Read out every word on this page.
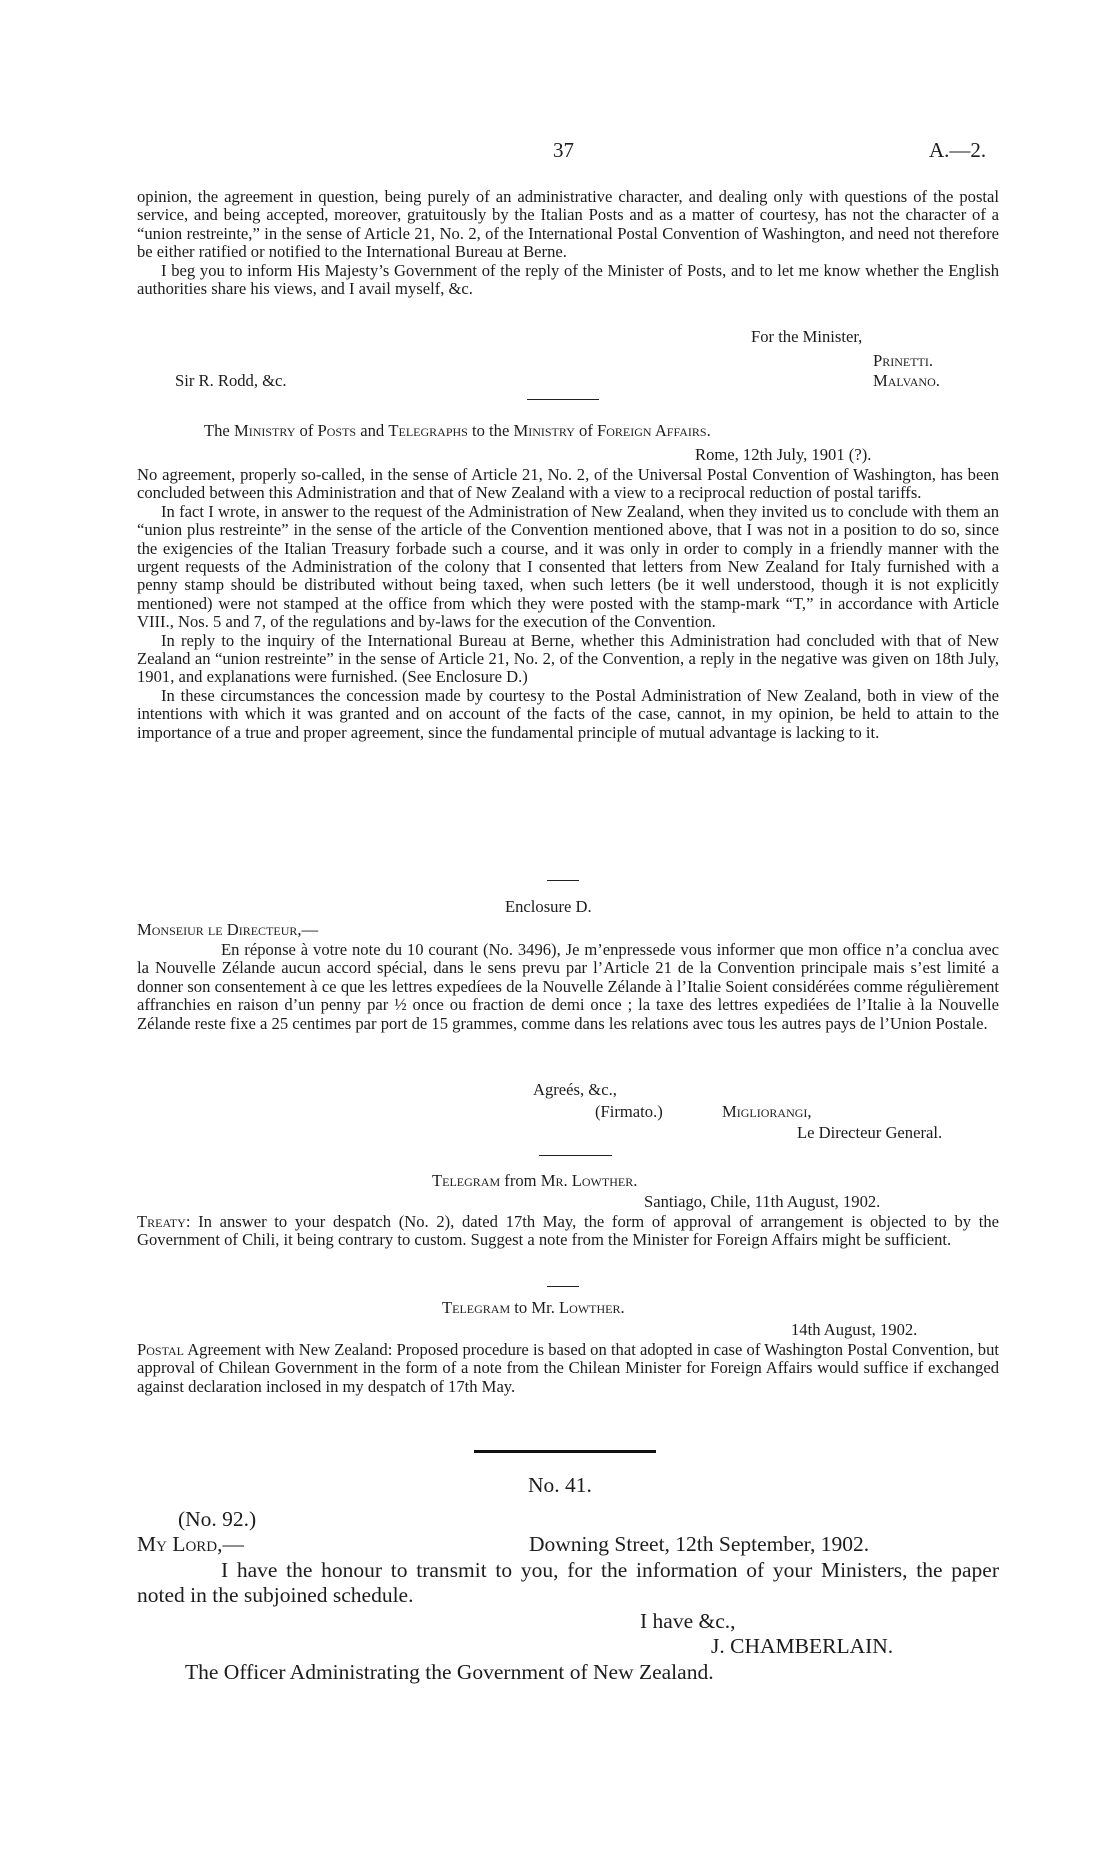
37	A.—2.

opinion, the agreement in question, being purely of an administrative character, and dealing only with questions of the postal service, and being accepted, moreover, gratuitously by the Italian Posts and as a matter of courtesy, has not the character of a “union restreinte,” in the sense of Article 21, No. 2, of the International Postal Convention of Washington, and need not therefore be either ratified or notified to the International Bureau at Berne.

I beg you to inform His Majesty’s Government of the reply of the Minister of Posts, and to let me know whether the English authorities share his views, and I avail myself, &c.

For the Minister,
Prinetti.
Malvano.
Sir R. Rodd, &c.
The Ministry of Posts and Telegraphs to the Ministry of Foreign Affairs.
Rome, 12th July, 1901 (?).

No agreement, properly so-called, in the sense of Article 21, No. 2, of the Universal Postal Convention of Washington, has been concluded between this Administration and that of New Zealand with a view to a reciprocal reduction of postal tariffs.

In fact I wrote, in answer to the request of the Administration of New Zealand, when they invited us to conclude with them an “union plus restreinte” in the sense of the article of the Convention mentioned above, that I was not in a position to do so, since the exigencies of the Italian Treasury forbade such a course, and it was only in order to comply in a friendly manner with the urgent requests of the Administration of the colony that I consented that letters from New Zealand for Italy furnished with a penny stamp should be distributed without being taxed, when such letters (be it well understood, though it is not explicitly mentioned) were not stamped at the office from which they were posted with the stamp-mark “T,” in accordance with Article VIII., Nos. 5 and 7, of the regulations and by-laws for the execution of the Convention.

In reply to the inquiry of the International Bureau at Berne, whether this Administration had concluded with that of New Zealand an “union restreinte” in the sense of Article 21, No. 2, of the Convention, a reply in the negative was given on 18th July, 1901, and explanations were furnished. (See Enclosure D.)

In these circumstances the concession made by courtesy to the Postal Administration of New Zealand, both in view of the intentions with which it was granted and on account of the facts of the case, cannot, in my opinion, be held to attain to the importance of a true and proper agreement, since the fundamental principle of mutual advantage is lacking to it.

Enclosure D.
Monseiur le Directeur,—

En réponse à votre note du 10 courant (No. 3496), Je m’enpressede vous informer que mon office n’a conclua avec la Nouvelle Zélande aucun accord spécial, dans le sens prevu par l’Article 21 de la Convention principale mais s’est limité a donner son consentement à ce que les lettres expedíees de la Nouvelle Zélande à l’Italie Soient considérées comme régulièrement affranchies en raison d’un penny par ½ once ou fraction de demi once ; la taxe des lettres expediées de l’Italie à la Nouvelle Zélande reste fixe a 25 centimes par port de 15 grammes, comme dans les relations avec tous les autres pays de l’Union Postale.

Agreés, &c.,
(Firmato.)	Migliorangi,
Le Directeur General.
Telegram from Mr. Lowther.
Santiago, Chile, 11th August, 1902.

Treaty: In answer to your despatch (No. 2), dated 17th May, the form of approval of arrangement is objected to by the Government of Chili, it being contrary to custom. Suggest a note from the Minister for Foreign Affairs might be sufficient.

Telegram to Mr. Lowther.
14th August, 1902.

Postal Agreement with New Zealand: Proposed procedure is based on that adopted in case of Washington Postal Convention, but approval of Chilean Government in the form of a note from the Chilean Minister for Foreign Affairs would suffice if exchanged against declaration inclosed in my despatch of 17th May.

No. 41.
(No. 92.)
My Lord,—	Downing Street, 12th September, 1902.

I have the honour to transmit to you, for the information of your Ministers, the paper noted in the subjoined schedule.

I have &c.,
J. CHAMBERLAIN.
The Officer Administrating the Government of New Zealand.
